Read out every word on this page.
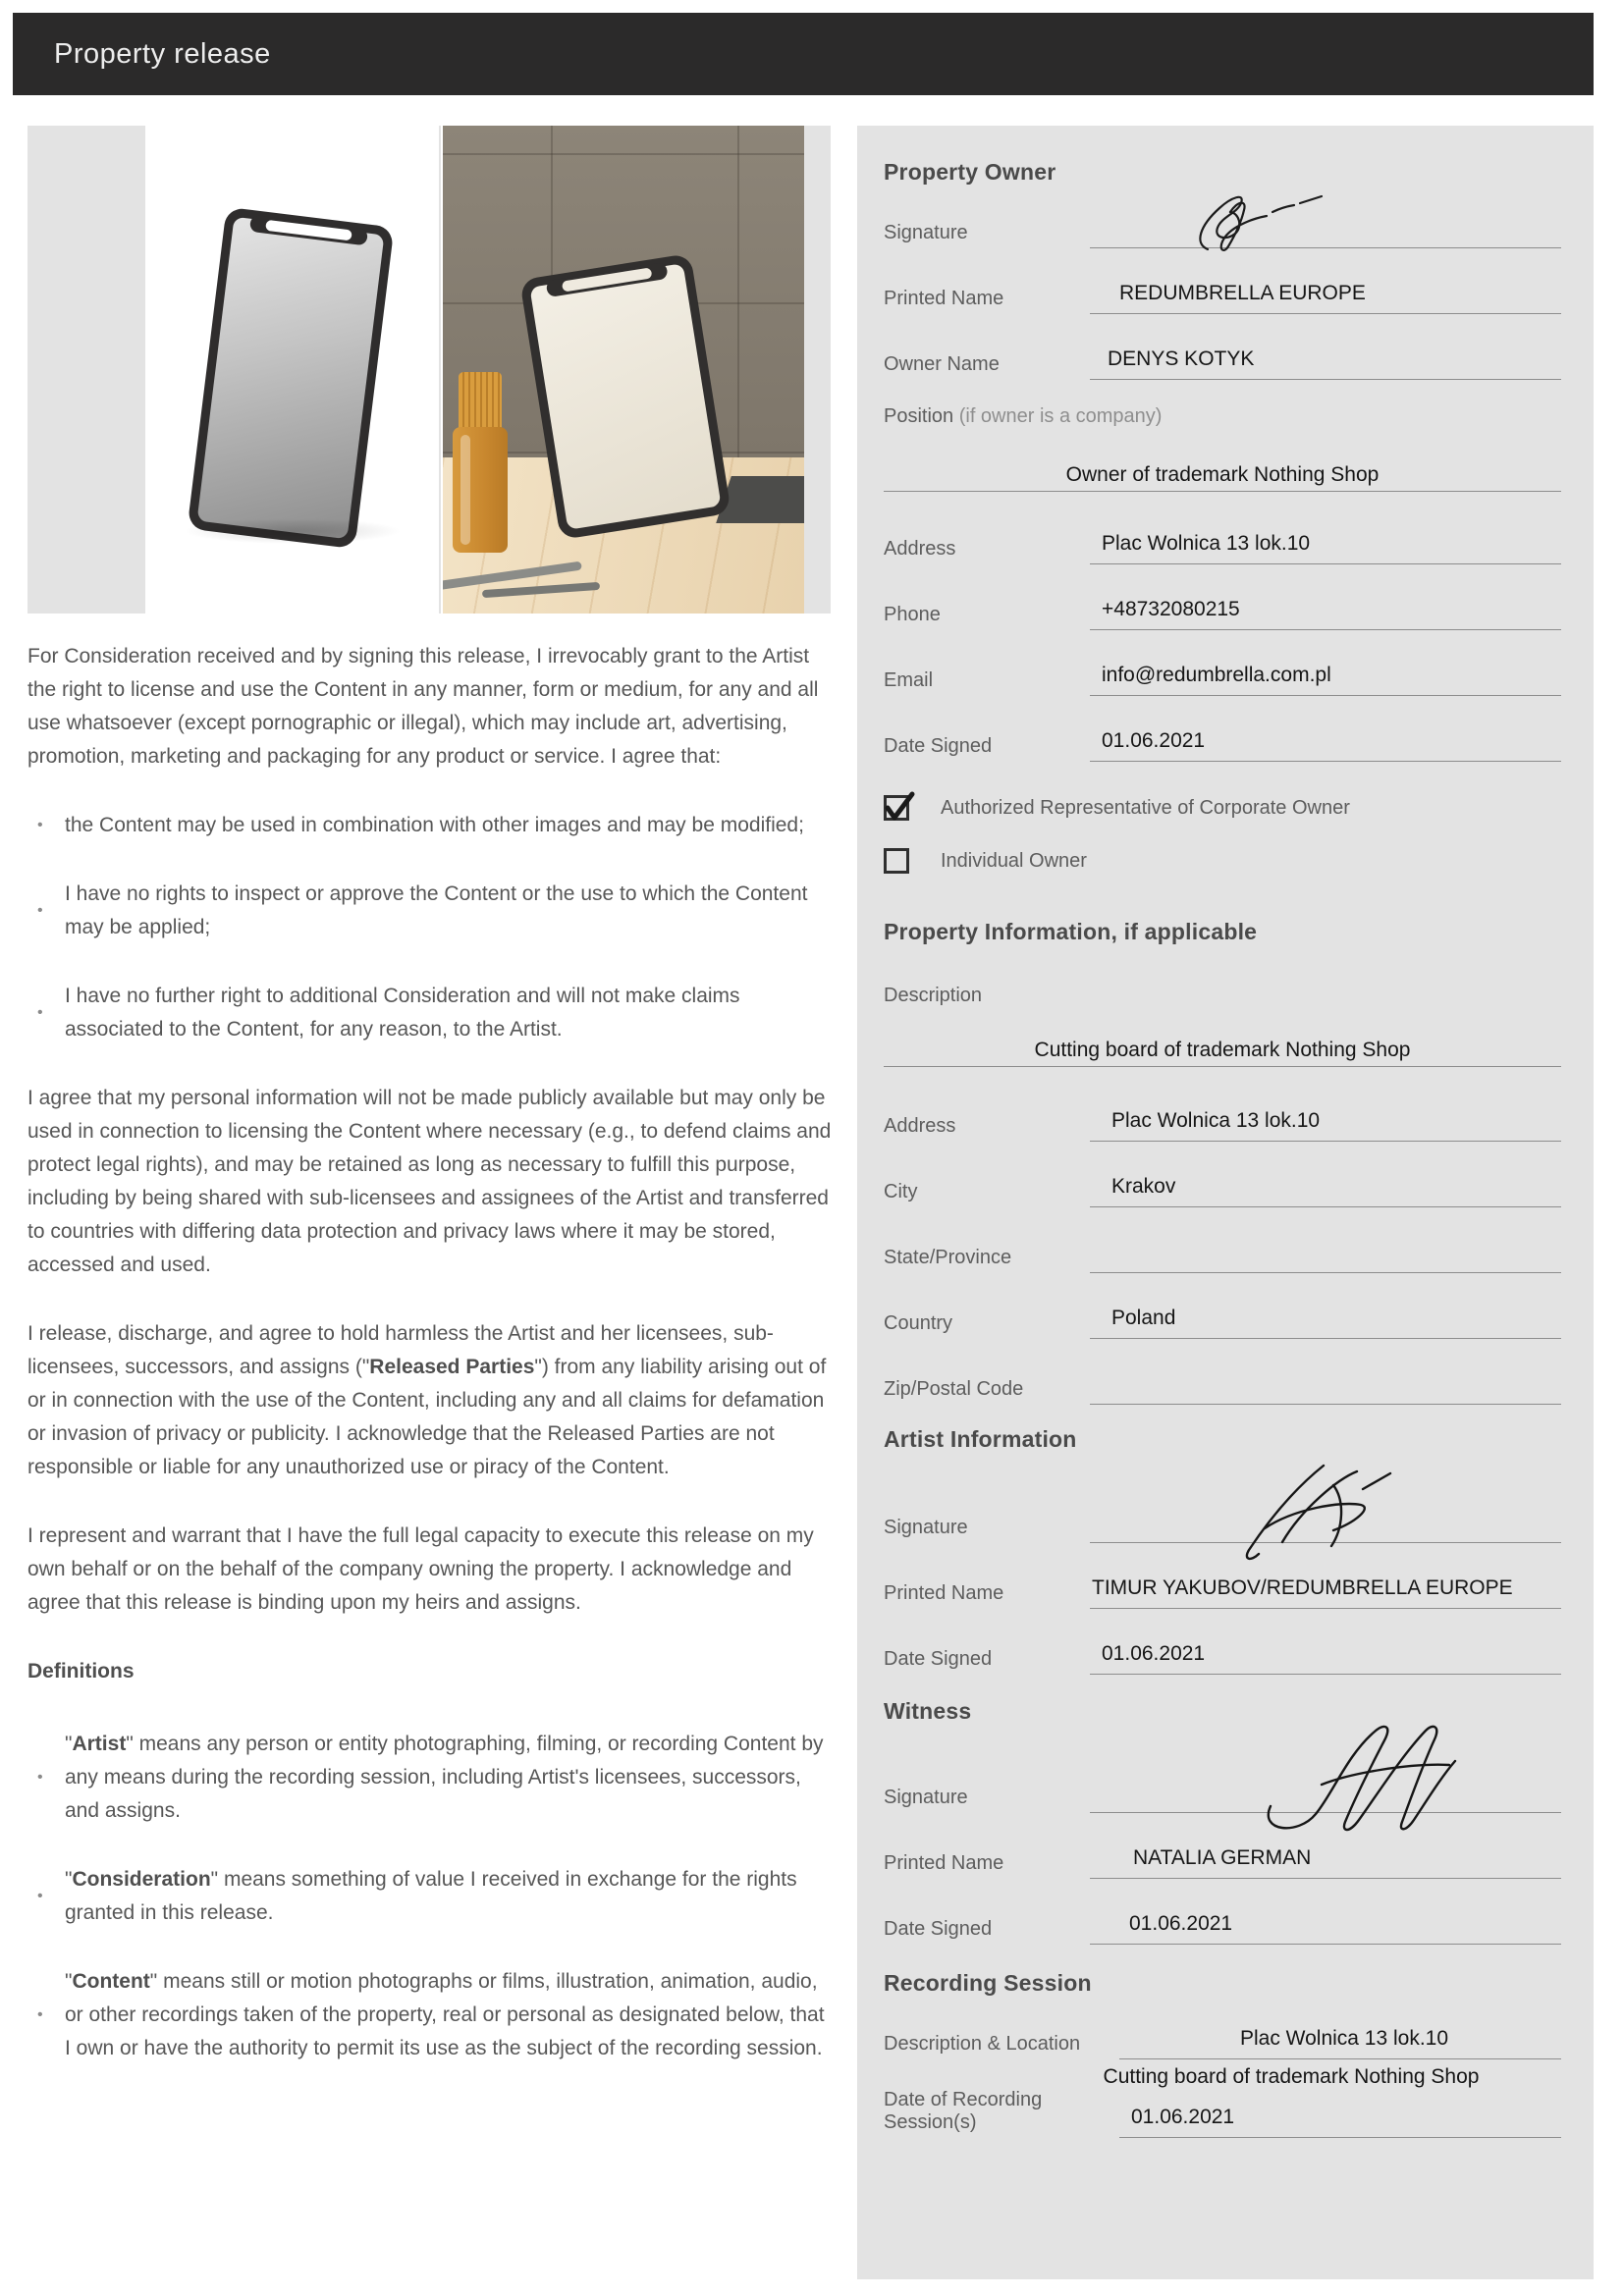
Property release

For Consideration received and by signing this release, I irrevocably grant to the Artist the right to license and use the Content in any manner, form or medium, for any and all use whatsoever (except pornographic or illegal), which may include art, advertising, promotion, marketing and packaging for any product or service. I agree that:

• the Content may be used in combination with other images and may be modified;
• I have no rights to inspect or approve the Content or the use to which the Content may be applied;
• I have no further right to additional Consideration and will not make claims associated to the Content, for any reason, to the Artist.

I agree that my personal information will not be made publicly available but may only be used in connection to licensing the Content where necessary (e.g., to defend claims and protect legal rights), and may be retained as long as necessary to fulfill this purpose, including by being shared with sub-licensees and assignees of the Artist and transferred to countries with differing data protection and privacy laws where it may be stored, accessed and used.

I release, discharge, and agree to hold harmless the Artist and her licensees, sub-licensees, successors, and assigns ("Released Parties") from any liability arising out of or in connection with the use of the Content, including any and all claims for defamation or invasion of privacy or publicity. I acknowledge that the Released Parties are not responsible or liable for any unauthorized use or piracy of the Content.

I represent and warrant that I have the full legal capacity to execute this release on my own behalf or on the behalf of the company owning the property. I acknowledge and agree that this release is binding upon my heirs and assigns.

Definitions
• "Artist" means any person or entity photographing, filming, or recording Content by any means during the recording session, including Artist's licensees, successors, and assigns.
• "Consideration" means something of value I received in exchange for the rights granted in this release.
• "Content" means still or motion photographs or films, illustration, animation, audio, or other recordings taken of the property, real or personal as designated below, that I own or have the authority to permit its use as the subject of the recording session.
Property Owner
Signature
Printed Name	REDUMBRELLA EUROPE
Owner Name	DENYS KOTYK
Position (if owner is a company)
Owner of trademark Nothing Shop
Address	Plac Wolnica 13 lok.10
Phone	+48732080215
Email	info@redumbrella.com.pl
Date Signed	01.06.2021
Authorized Representative of Corporate Owner
Individual Owner
Property Information, if applicable
Description
Cutting board of trademark Nothing Shop
Address	Plac Wolnica 13 lok.10
City	Krakov
State/Province
Country	Poland
Zip/Postal Code
Artist Information
Signature
Printed Name	TIMUR YAKUBOV/REDUMBRELLA EUROPE
Date Signed	01.06.2021
Witness
Signature
Printed Name	NATALIA GERMAN
Date Signed	01.06.2021
Recording Session
Description & Location	Plac Wolnica 13 lok.10
Cutting board of trademark Nothing Shop
Date of Recording Session(s)	01.06.2021
